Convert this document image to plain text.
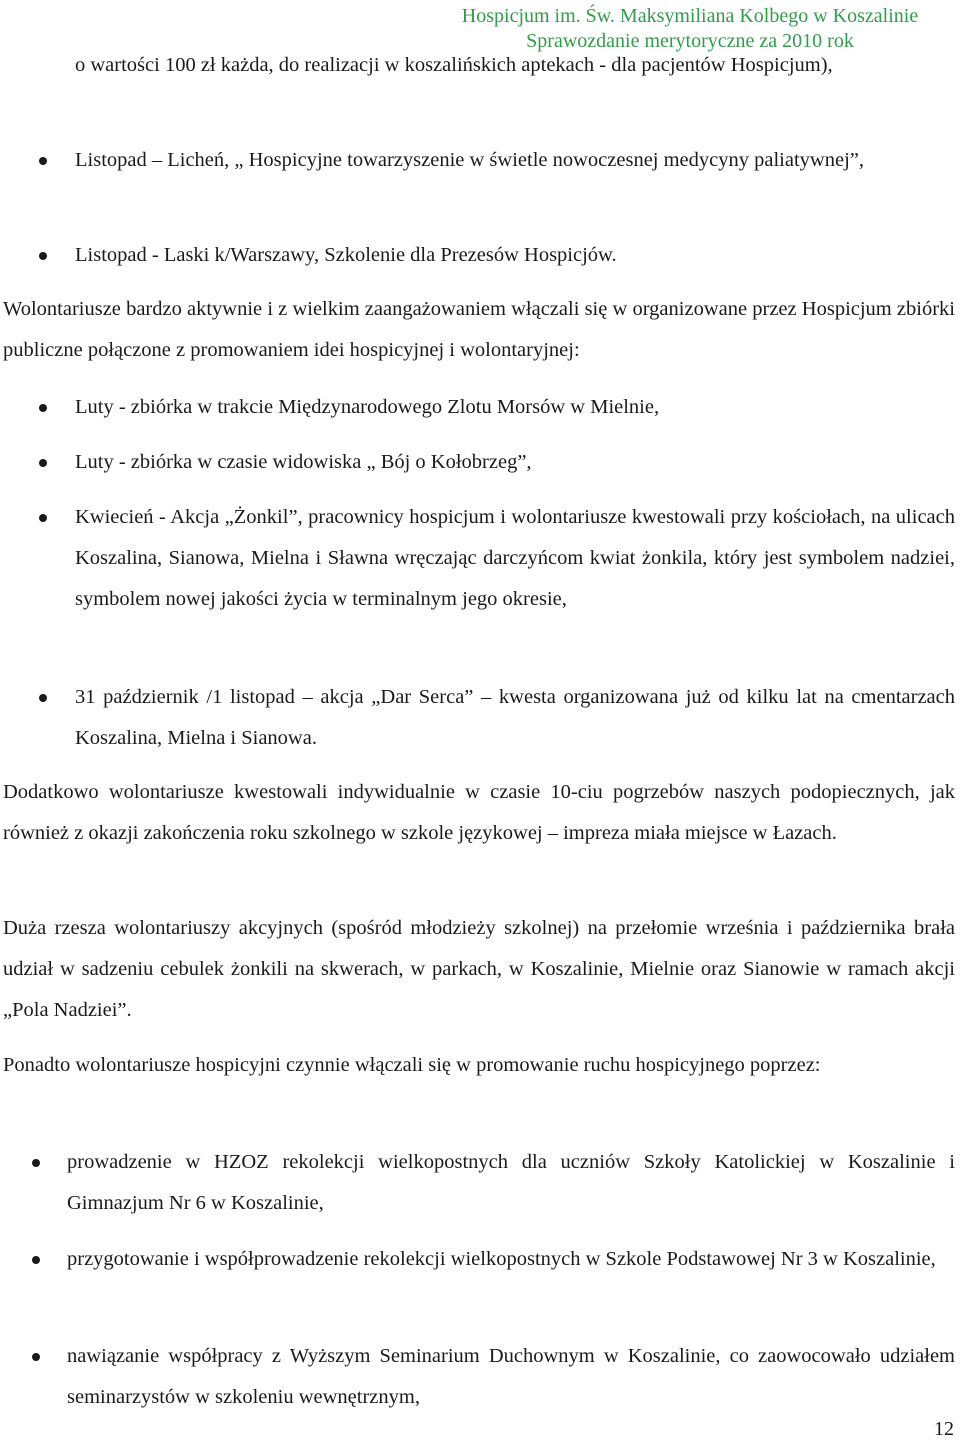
Hospicjum im. Św. Maksymiliana Kolbego w Koszalinie
Sprawozdanie merytoryczne za 2010 rok
o wartości 100 zł każda, do realizacji w koszalińskich aptekach - dla pacjentów Hospicjum),
Listopad – Licheń, „ Hospicyjne towarzyszenie w świetle nowoczesnej medycyny paliatywnej”,
Listopad - Laski k/Warszawy, Szkolenie dla Prezesów Hospicjów.
Wolontariusze bardzo aktywnie i z wielkim zaangażowaniem włączali się w organizowane przez Hospicjum zbiórki publiczne połączone z promowaniem idei hospicyjnej i wolontaryjnej:
Luty - zbiórka w trakcie Międzynarodowego Zlotu Morsów w Mielnie,
Luty - zbiórka w czasie widowiska „ Bój o Kołobrzeg”,
Kwiecień - Akcja „Żonkil”, pracownicy hospicjum i wolontariusze kwestowali przy kościołach, na ulicach Koszalina, Sianowa, Mielna i Sławna wręczając darczyńcom kwiat żonkila, który jest symbolem nadziei, symbolem nowej jakości życia w terminalnym jego okresie,
31 październik /1 listopad – akcja „Dar Serca” – kwesta organizowana już od kilku lat na cmentarzach Koszalina, Mielna i Sianowa.
Dodatkowo wolontariusze kwestowali indywidualnie w czasie 10-ciu pogrzebów naszych podopiecznych, jak również z okazji zakończenia roku szkolnego w szkole językowej – impreza miała miejsce w Łazach.
Duża rzesza wolontariuszy akcyjnych (spośród młodzieży szkolnej) na przełomie września i października brała udział w sadzeniu cebulek żonkili na skwerach, w parkach, w Koszalinie, Mielnie oraz Sianowie w ramach akcji „Pola Nadziei”.
Ponadto wolontariusze hospicyjni czynnie włączali się w promowanie ruchu hospicyjnego poprzez:
prowadzenie w HZOZ rekolekcji wielkopostnych dla uczniów Szkoły Katolickiej w Koszalinie i Gimnazjum Nr 6 w Koszalinie,
przygotowanie i współprowadzenie rekolekcji wielkopostnych w Szkole Podstawowej Nr 3 w Koszalinie,
nawiązanie współpracy z Wyższym Seminarium Duchownym w Koszalinie, co zaowocowało udziałem seminarzystów w szkoleniu wewnętrznym,
12
